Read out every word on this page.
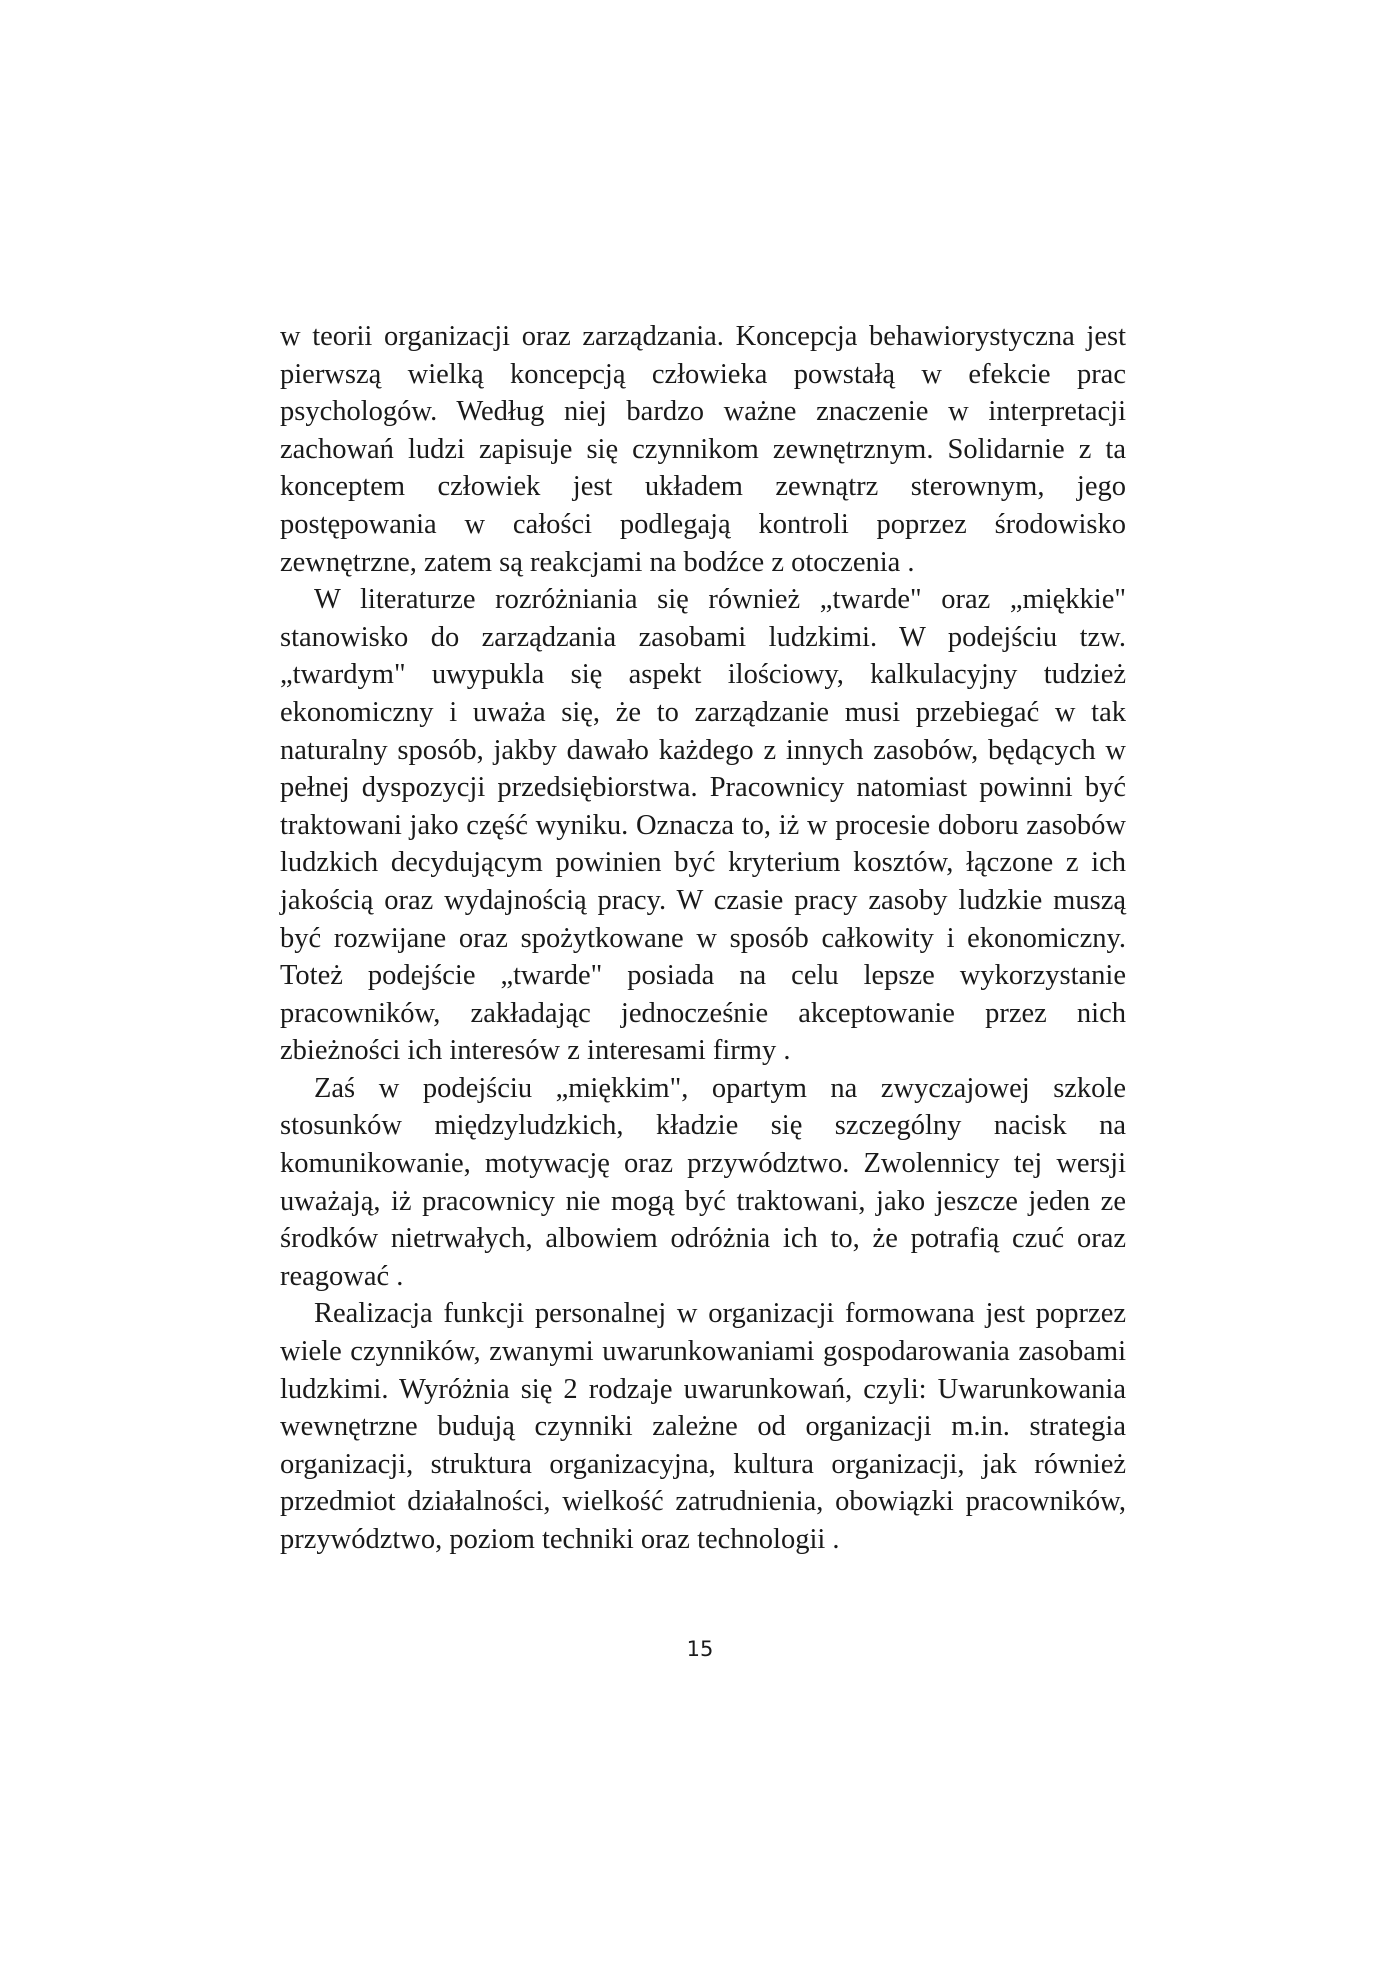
w teorii organizacji oraz zarządzania. Koncepcja behawiorystyczna jest pierwszą wielką koncepcją człowieka powstałą w efekcie prac psychologów. Według niej bardzo ważne znaczenie w interpretacji zachowań ludzi zapisuje się czynnikom zewnętrznym. Solidarnie z ta konceptem człowiek jest układem zewnątrz sterownym, jego postępowania w całości podlegają kontroli poprzez środowisko zewnętrzne, zatem są reakcjami na bodźce z otoczenia .

W literaturze rozróżniania się również „twarde" oraz „miękkie" stanowisko do zarządzania zasobami ludzkimi. W podejściu tzw. „twardym" uwypukla się aspekt ilościowy, kalkulacyjny tudzież ekonomiczny i uważa się, że to zarządzanie musi przebiegać w tak naturalny sposób, jakby dawało każdego z innych zasobów, będących w pełnej dyspozycji przedsiębiorstwa. Pracownicy natomiast powinni być traktowani jako część wyniku. Oznacza to, iż w procesie doboru zasobów ludzkich decydującym powinien być kryterium kosztów, łączone z ich jakością oraz wydajnością pracy. W czasie pracy zasoby ludzkie muszą być rozwijane oraz spożytkowane w sposób całkowity i ekonomiczny. Toteż podejście „twarde" posiada na celu lepsze wykorzystanie pracowników, zakładając jednocześnie akceptowanie przez nich zbieżności ich interesów z interesami firmy .

Zaś w podejściu „miękkim", opartym na zwyczajowej szkole stosunków międzyludzkich, kładzie się szczególny nacisk na komunikowanie, motywację oraz przywództwo. Zwolennicy tej wersji uważają, iż pracownicy nie mogą być traktowani, jako jeszcze jeden ze środków nietrwałych, albowiem odróżnia ich to, że potrafią czuć oraz reagować .

Realizacja funkcji personalnej w organizacji formowana jest poprzez wiele czynników, zwanymi uwarunkowaniami gospodarowania zasobami ludzkimi. Wyróżnia się 2 rodzaje uwarunkowań, czyli: Uwarunkowania wewnętrzne budują czynniki zależne od organizacji m.in. strategia organizacji, struktura organizacyjna, kultura organizacji, jak również przedmiot działalności, wielkość zatrudnienia, obowiązki pracowników, przywództwo, poziom techniki oraz technologii .

15
